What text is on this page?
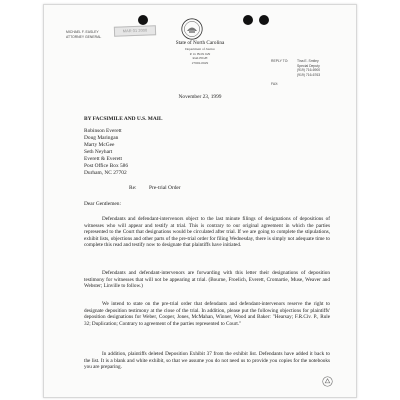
MAR 01 2000
MICHAEL F. EASLEY
ATTORNEY GENERAL
State of North Carolina
Department of Justice
P. O. BOX 629
RALEIGH
27602-0629	REPLY TO:
FAX:
Tina E. Smiley
Special Deputy
(919) 716-6900
(919) 716-6763
November 23, 1999
BY FACSIMILE AND U.S. MAIL
Robinson Everett
Doug Maringan
Marty McGee
Seth Neyhart
Everett & Everett
Post Office Box 586
Durham, NC 27702
Re: Pre-trial Order
Dear Gentlemen:
Defendants and defendant-intervenors object to the last minute filings of designations of depositions of witnesses who will appear and testify at trial. This is contrary to our original agreement in which the parties represented to the Court that designations would be circulated after trial. If we are going to complete the stipulations, exhibit lists, objections and other parts of the pre-trial order for filing Wednesday, there is simply not adequate time to complete this read and testify now to designate that plaintiffs have initiated.
Defendants and defendant-intervenors are forwarding with this letter their designations of deposition testimony for witnesses that will not be appearing at trial. (Bourne, Froelich, Everett, Cromartie, Muse, Weaver and Webster; Linville to follow.)
We intend to state on the pre-trial order that defendants and defendant-intervenors reserve the right to designate deposition testimony at the close of the trial. In addition, please put the following objections for plaintiffs' deposition designations for Weber, Cooper, Jones, McMahan, Winner, Wood and Baker: "Hearsay; F.R.Civ. P., Rule 32; Duplication; Contrary to agreement of the parties represented to Court."
In addition, plaintiffs deleted Deposition Exhibit 37 from the exhibit list. Defendants have added it back to the list. It is a blank and white exhibit, so that we assume you do not need us to provide you copies for the notebooks you are preparing.
